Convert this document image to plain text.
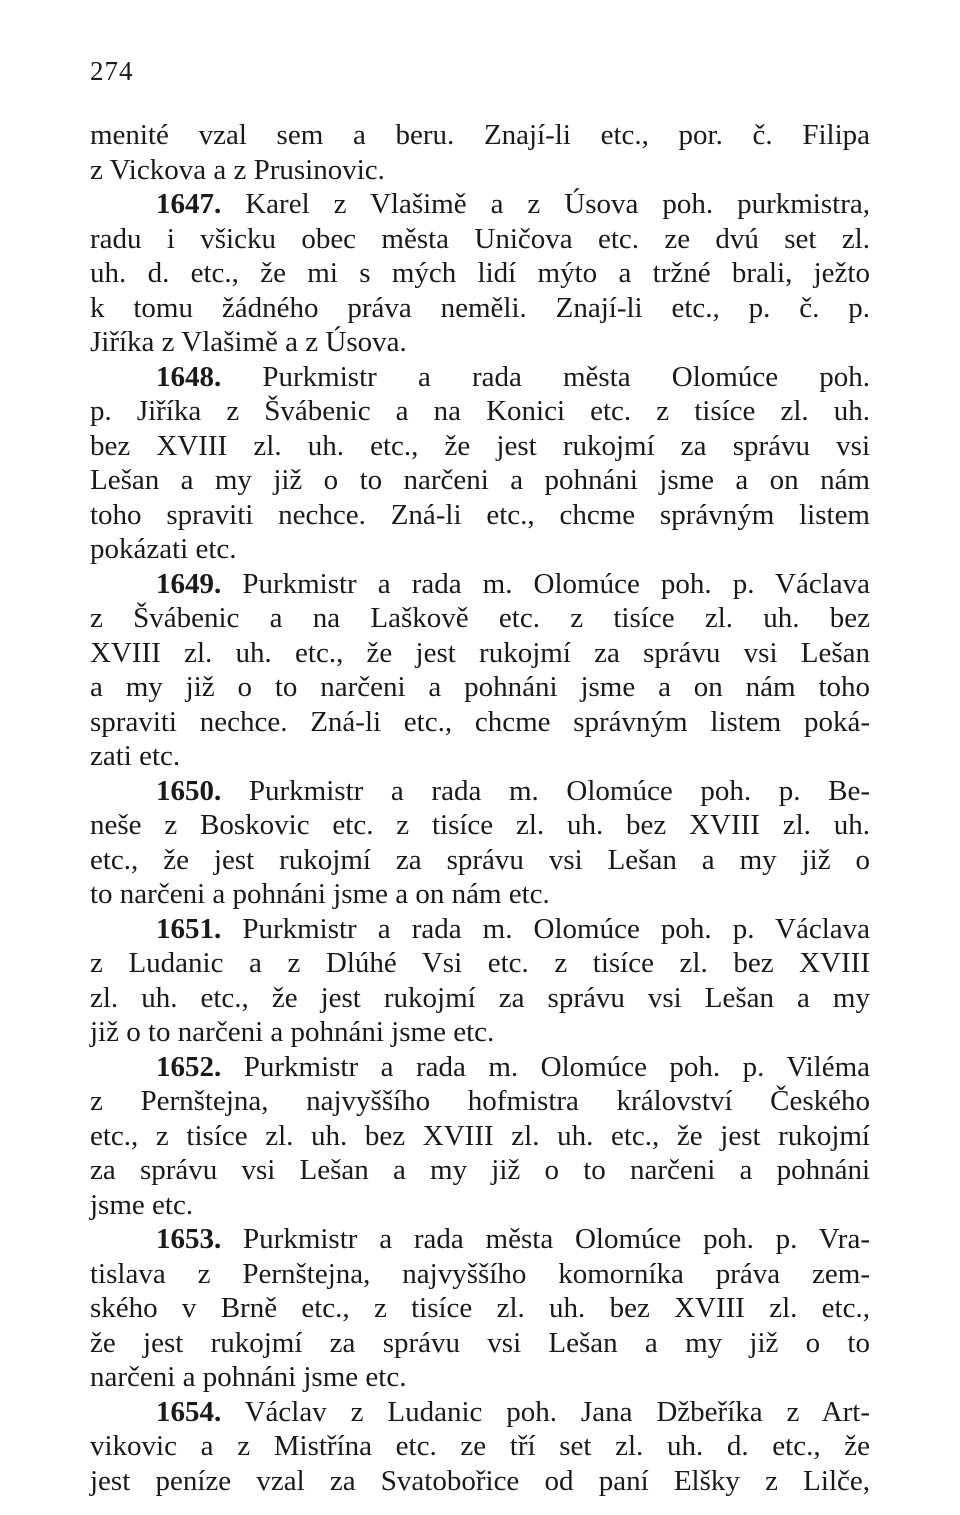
274
menité vzal sem a beru. Znají-li etc., por. č. Filipa
z Vickova a z Prusinovic.
1647. Karel z Vlašimě a z Úsova poh. purkmistra,
radu i všicku obec města Uničova etc. ze dvú set zl.
uh. d. etc., že mi s mých lidí mýto a tržné brali, ježto
k tomu žádného práva neměli. Znají-li etc., p. č. p.
Jiříka z Vlašimě a z Úsova.
1648. Purkmistr a rada města Olomúce poh.
p. Jiříka z Švábenic a na Konici etc. z tisíce zl. uh.
bez XVIII zl. uh. etc., že jest rukojmí za správu vsi
Lešan a my již o to narčeni a pohnáni jsme a on nám
toho spraviti nechce. Zná-li etc., chcme správným listem
pokázati etc.
1649. Purkmistr a rada m. Olomúce poh. p. Václava
z Švábenic a na Laškově etc. z tisíce zl. uh. bez
XVIII zl. uh. etc., že jest rukojmí za správu vsi Lešan
a my již o to narčeni a pohnáni jsme a on nám toho
spraviti nechce. Zná-li etc., chcme správným listem poká-
zati etc.
1650. Purkmistr a rada m. Olomúce poh. p. Be-
neše z Boskovic etc. z tisíce zl. uh. bez XVIII zl. uh.
etc., že jest rukojmí za správu vsi Lešan a my již o
to narčeni a pohnáni jsme a on nám etc.
1651. Purkmistr a rada m. Olomúce poh. p. Václava
z Ludanic a z Dlúhé Vsi etc. z tisíce zl. bez XVIII
zl. uh. etc., že jest rukojmí za správu vsi Lešan a my
již o to narčeni a pohnáni jsme etc.
1652. Purkmistr a rada m. Olomúce poh. p. Viléma
z Pernštejna, najvyššího hofmistra království Českého
etc., z tisíce zl. uh. bez XVIII zl. uh. etc., že jest rukojmí
za správu vsi Lešan a my již o to narčeni a pohnáni
jsme etc.
1653. Purkmistr a rada města Olomúce poh. p. Vra-
tislava z Pernštejna, najvyššího komorníka práva zem-
ského v Brně etc., z tisíce zl. uh. bez XVIII zl. etc.,
že jest rukojmí za správu vsi Lešan a my již o to
narčeni a pohnáni jsme etc.
1654. Václav z Ludanic poh. Jana Džbeříka z Art-
vikovic a z Mistřína etc. ze tří set zl. uh. d. etc., že
jest peníze vzal za Svatobořice od paní Elšky z Lilče,
